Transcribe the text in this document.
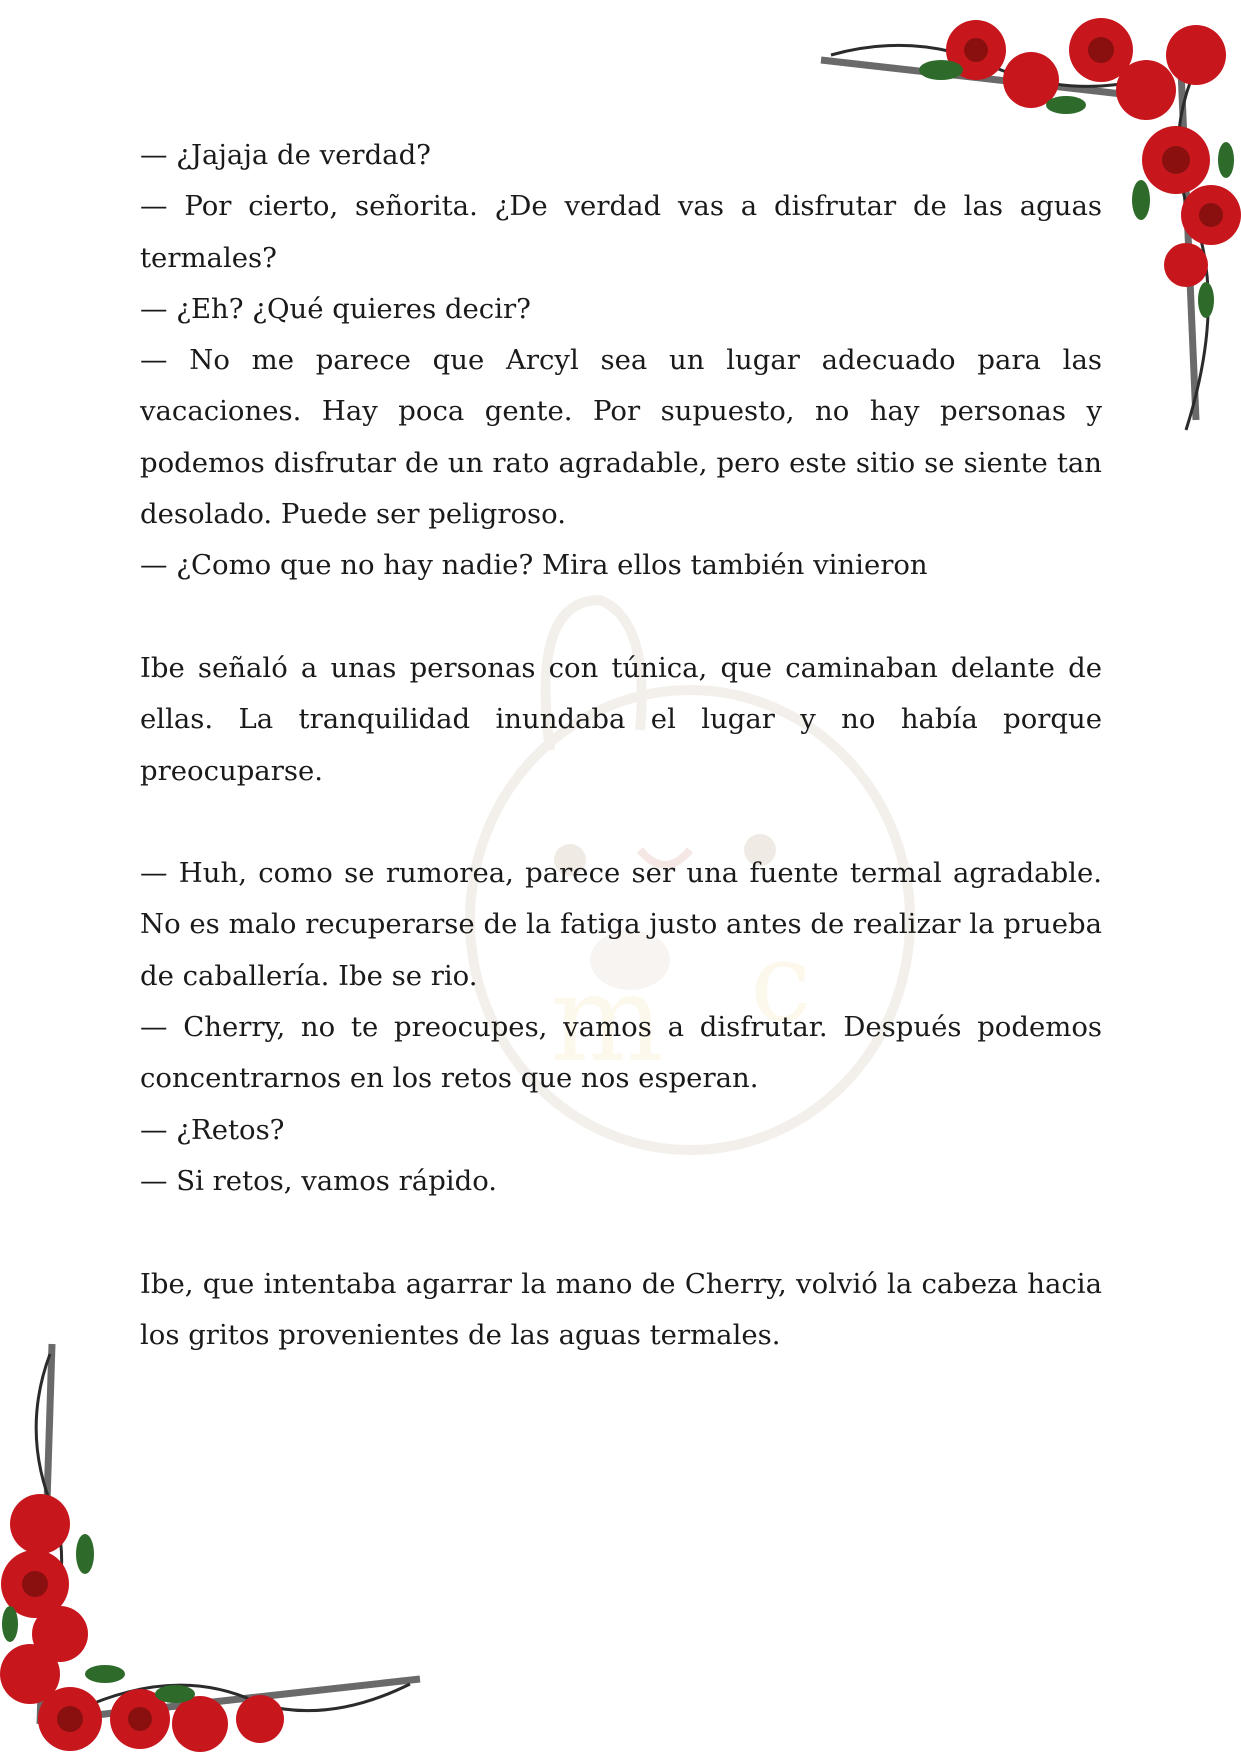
m c

— ¿Jajaja de verdad?

— Por cierto, señorita. ¿De verdad vas a disfrutar de las aguas termales?

— ¿Eh? ¿Qué quieres decir?

— No me parece que Arcyl sea un lugar adecuado para las vacaciones. Hay poca gente. Por supuesto, no hay personas y podemos disfrutar de un rato agradable, pero este sitio se siente tan desolado. Puede ser peligroso.

— ¿Como que no hay nadie? Mira ellos también vinieron

Ibe señaló a unas personas con túnica, que caminaban delante de ellas. La tranquilidad inundaba el lugar y no había porque preocuparse.

— Huh, como se rumorea, parece ser una fuente termal agradable. No es malo recuperarse de la fatiga justo antes de realizar la prueba de caballería. Ibe se rio.

— Cherry, no te preocupes, vamos a disfrutar. Después podemos concentrarnos en los retos que nos esperan.

— ¿Retos?

— Si retos, vamos rápido.

Ibe, que intentaba agarrar la mano de Cherry, volvió la cabeza hacia los gritos provenientes de las aguas termales.
